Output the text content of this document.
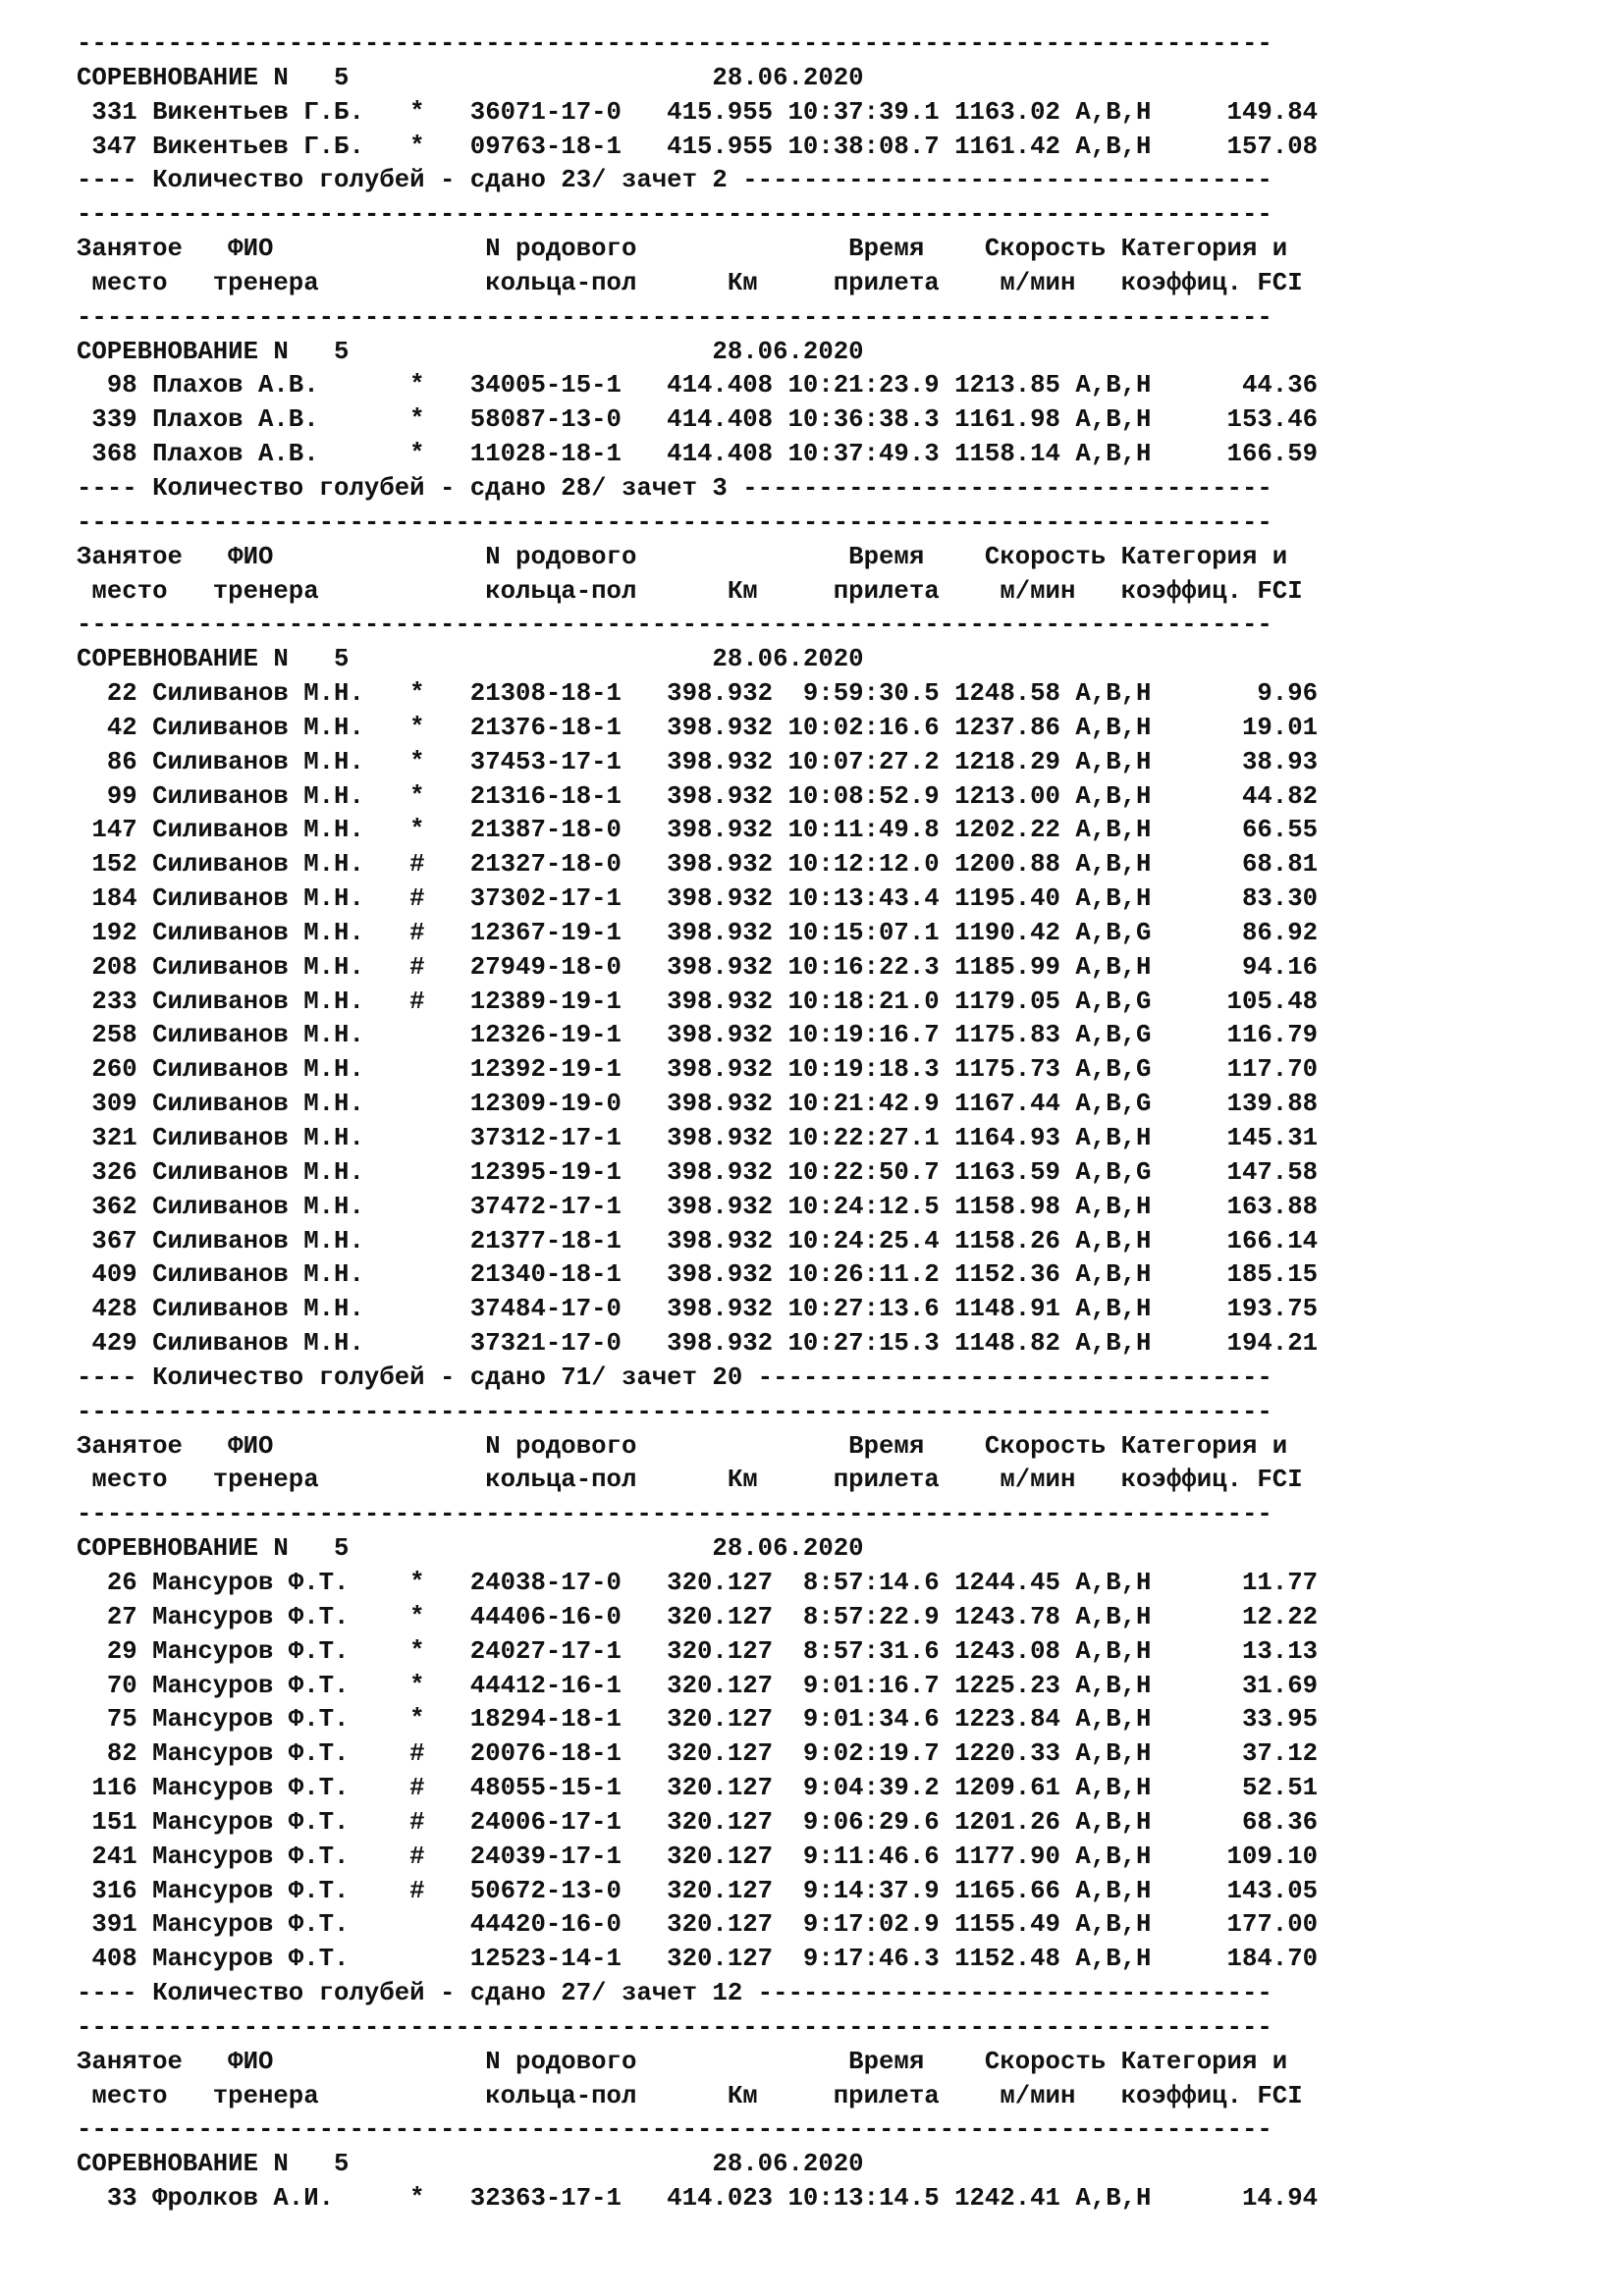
-------------------------------------------------------------------------------
СОРЕВНОВАНИЕ N   5                        28.06.2020
331 Викентьев Г.Б.   *   36071-17-0   415.955 10:37:39.1 1163.02 A,B,H     149.84
347 Викентьев Г.Б.   *   09763-18-1   415.955 10:38:08.7 1161.42 A,B,H     157.08
---- Количество голубей - сдано 23/ зачет 2 -----------------------------------
-------------------------------------------------------------------------------
Занятое   ФИО              N родового              Время    Скорость Категория и
место   тренера           кольца-пол      Км     прилета    м/мин   коэффиц. FCI
-------------------------------------------------------------------------------
СОРЕВНОВАНИЕ N   5                        28.06.2020
98 Плахов А.В.      *   34005-15-1   414.408 10:21:23.9 1213.85 A,B,H      44.36
339 Плахов А.В.      *   58087-13-0   414.408 10:36:38.3 1161.98 A,B,H     153.46
368 Плахов А.В.      *   11028-18-1   414.408 10:37:49.3 1158.14 A,B,H     166.59
---- Количество голубей - сдано 28/ зачет 3 -----------------------------------
-------------------------------------------------------------------------------
Занятое   ФИО              N родового              Время    Скорость Категория и
место   тренера           кольца-пол      Км     прилета    м/мин   коэффиц. FCI
-------------------------------------------------------------------------------
СОРЕВНОВАНИЕ N   5                        28.06.2020
22 Силиванов М.Н.   *   21308-18-1   398.932  9:59:30.5 1248.58 A,B,H       9.96
42 Силиванов М.Н.   *   21376-18-1   398.932 10:02:16.6 1237.86 A,B,H      19.01
86 Силиванов М.Н.   *   37453-17-1   398.932 10:07:27.2 1218.29 A,B,H      38.93
99 Силиванов М.Н.   *   21316-18-1   398.932 10:08:52.9 1213.00 A,B,H      44.82
147 Силиванов М.Н.   *   21387-18-0   398.932 10:11:49.8 1202.22 A,B,H      66.55
152 Силиванов М.Н.   #   21327-18-0   398.932 10:12:12.0 1200.88 A,B,H      68.81
184 Силиванов М.Н.   #   37302-17-1   398.932 10:13:43.4 1195.40 A,B,H      83.30
192 Силиванов М.Н.   #   12367-19-1   398.932 10:15:07.1 1190.42 A,B,G      86.92
208 Силиванов М.Н.   #   27949-18-0   398.932 10:16:22.3 1185.99 A,B,H      94.16
233 Силиванов М.Н.   #   12389-19-1   398.932 10:18:21.0 1179.05 A,B,G     105.48
258 Силиванов М.Н.       12326-19-1   398.932 10:19:16.7 1175.83 A,B,G     116.79
260 Силиванов М.Н.       12392-19-1   398.932 10:19:18.3 1175.73 A,B,G     117.70
309 Силиванов М.Н.       12309-19-0   398.932 10:21:42.9 1167.44 A,B,G     139.88
321 Силиванов М.Н.       37312-17-1   398.932 10:22:27.1 1164.93 A,B,H     145.31
326 Силиванов М.Н.       12395-19-1   398.932 10:22:50.7 1163.59 A,B,G     147.58
362 Силиванов М.Н.       37472-17-1   398.932 10:24:12.5 1158.98 A,B,H     163.88
367 Силиванов М.Н.       21377-18-1   398.932 10:24:25.4 1158.26 A,B,H     166.14
409 Силиванов М.Н.       21340-18-1   398.932 10:26:11.2 1152.36 A,B,H     185.15
428 Силиванов М.Н.       37484-17-0   398.932 10:27:13.6 1148.91 A,B,H     193.75
429 Силиванов М.Н.       37321-17-0   398.932 10:27:15.3 1148.82 A,B,H     194.21
---- Количество голубей - сдано 71/ зачет 20 ----------------------------------
-------------------------------------------------------------------------------
Занятое   ФИО              N родового              Время    Скорость Категория и
место   тренера           кольца-пол      Км     прилета    м/мин   коэффиц. FCI
-------------------------------------------------------------------------------
СОРЕВНОВАНИЕ N   5                        28.06.2020
26 Мансуров Ф.Т.    *   24038-17-0   320.127  8:57:14.6 1244.45 A,B,H      11.77
27 Мансуров Ф.Т.    *   44406-16-0   320.127  8:57:22.9 1243.78 A,B,H      12.22
29 Мансуров Ф.Т.    *   24027-17-1   320.127  8:57:31.6 1243.08 A,B,H      13.13
70 Мансуров Ф.Т.    *   44412-16-1   320.127  9:01:16.7 1225.23 A,B,H      31.69
75 Мансуров Ф.Т.    *   18294-18-1   320.127  9:01:34.6 1223.84 A,B,H      33.95
82 Мансуров Ф.Т.    #   20076-18-1   320.127  9:02:19.7 1220.33 A,B,H      37.12
116 Мансуров Ф.Т.    #   48055-15-1   320.127  9:04:39.2 1209.61 A,B,H      52.51
151 Мансуров Ф.Т.    #   24006-17-1   320.127  9:06:29.6 1201.26 A,B,H      68.36
241 Мансуров Ф.Т.    #   24039-17-1   320.127  9:11:46.6 1177.90 A,B,H     109.10
316 Мансуров Ф.Т.    #   50672-13-0   320.127  9:14:37.9 1165.66 A,B,H     143.05
391 Мансуров Ф.Т.        44420-16-0   320.127  9:17:02.9 1155.49 A,B,H     177.00
408 Мансуров Ф.Т.        12523-14-1   320.127  9:17:46.3 1152.48 A,B,H     184.70
---- Количество голубей - сдано 27/ зачет 12 ----------------------------------
-------------------------------------------------------------------------------
Занятое   ФИО              N родового              Время    Скорость Категория и
место   тренера           кольца-пол      Км     прилета    м/мин   коэффиц. FCI
-------------------------------------------------------------------------------
СОРЕВНОВАНИЕ N   5                        28.06.2020
33 Фролков А.И.     *   32363-17-1   414.023 10:13:14.5 1242.41 A,B,H      14.94
